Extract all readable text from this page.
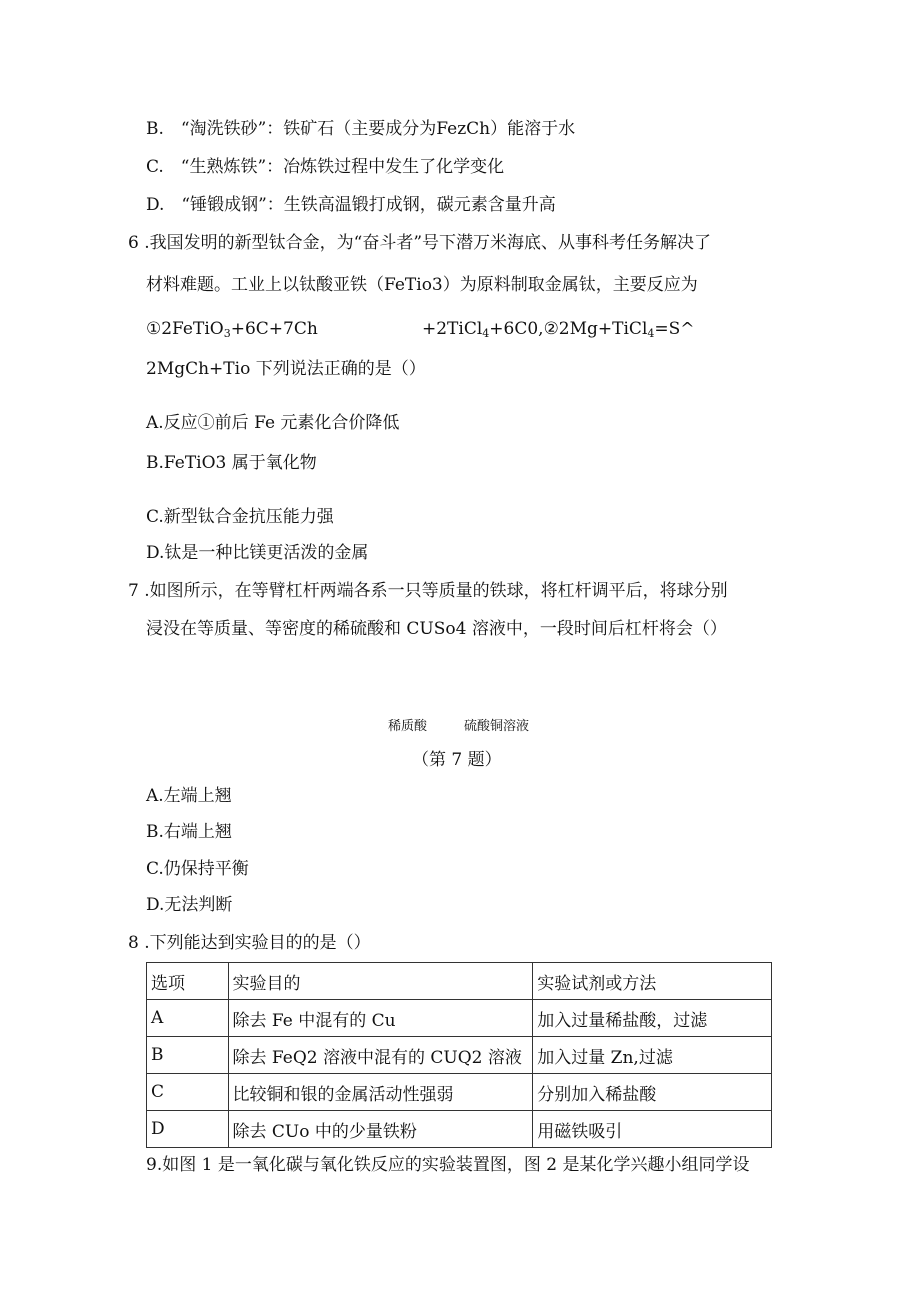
B.　“淘洗铁砂”：铁矿石（主要成分为FezCh）能溶于水
C.　“生熟炼铁”：冶炼铁过程中发生了化学变化
D.　“锤锻成钢”：生铁高温锻打成钢，碳元素含量升高
6 .我国发明的新型钛合金，为“奋斗者”号下潜万米海底、从事科考任务解决了
材料难题。工业上以钛酸亚铁（FeTio3）为原料制取金属钛，主要反应为
①2FeTiO$_3$+6C+7Ch	+2TiCl$_4$+6C0,②2Mg+TiCl$_4$=S^
2MgCh+Tio 下列说法正确的是（）
A.反应①前后 Fe 元素化合价降低
B.FeTiO3 属于氧化物
C.新型钛合金抗压能力强
D.钛是一种比镁更活泼的金属
7 .如图所示，在等臂杠杆两端各系一只等质量的铁球，将杠杆调平后，将球分别
浸没在等质量、等密度的稀硫酸和 CUSo4 溶液中，一段时间后杠杆将会（）
稀质酸	硫酸铜溶液
（第 7 题）
A.左端上翘
B.右端上翘
C.仍保持平衡
D.无法判断
8 .下列能达到实验目的的是（）
选项	实验目的	实验试剂或方法
A	除去 Fe 中混有的 Cu	加入过量稀盐酸，过滤
B	除去 FeQ2 溶液中混有的 CUQ2 溶液	加入过量 Zn,过滤
C	比较铜和银的金属活动性强弱	分别加入稀盐酸
D	除去 CUo 中的少量铁粉	用磁铁吸引
9.如图 1 是一氧化碳与氧化铁反应的实验装置图，图 2 是某化学兴趣小组同学设
